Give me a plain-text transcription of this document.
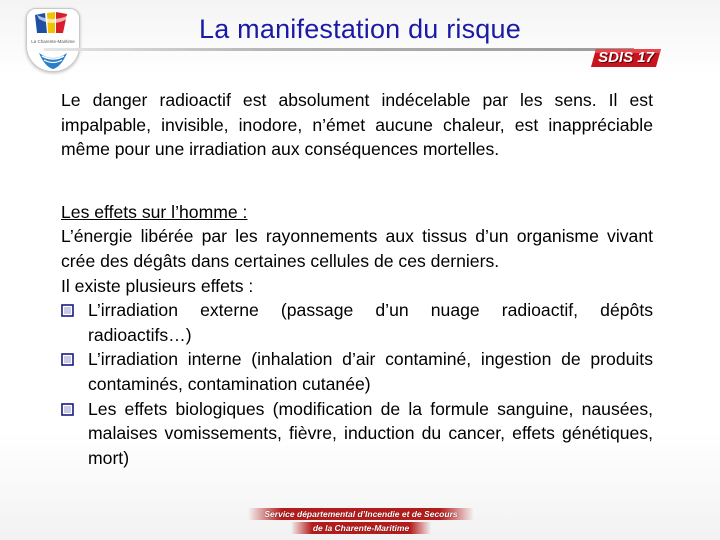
La Charente-Maritime	La manifestation du risque
SDIS 17

Le danger radioactif est absolument indécelable par les sens. Il est impalpable, invisible, inodore, n’émet aucune chaleur, est inappréciable même pour une irradiation aux conséquences mortelles.

Les effets sur l’homme :

L’énergie libérée par les rayonnements aux tissus d’un organisme vivant crée des dégâts dans certaines cellules de ces derniers.

Il existe plusieurs effets :

L’irradiation externe (passage d’un nuage radioactif, dépôts radioactifs…)
L’irradiation interne (inhalation d’air contaminé, ingestion de produits contaminés, contamination cutanée)
Les effets biologiques (modification de la formule sanguine, nausées, malaises vomissements, fièvre, induction du cancer, effets génétiques, mort)
Service départemental d’Incendie et de Secours
de la Charente-Maritime
